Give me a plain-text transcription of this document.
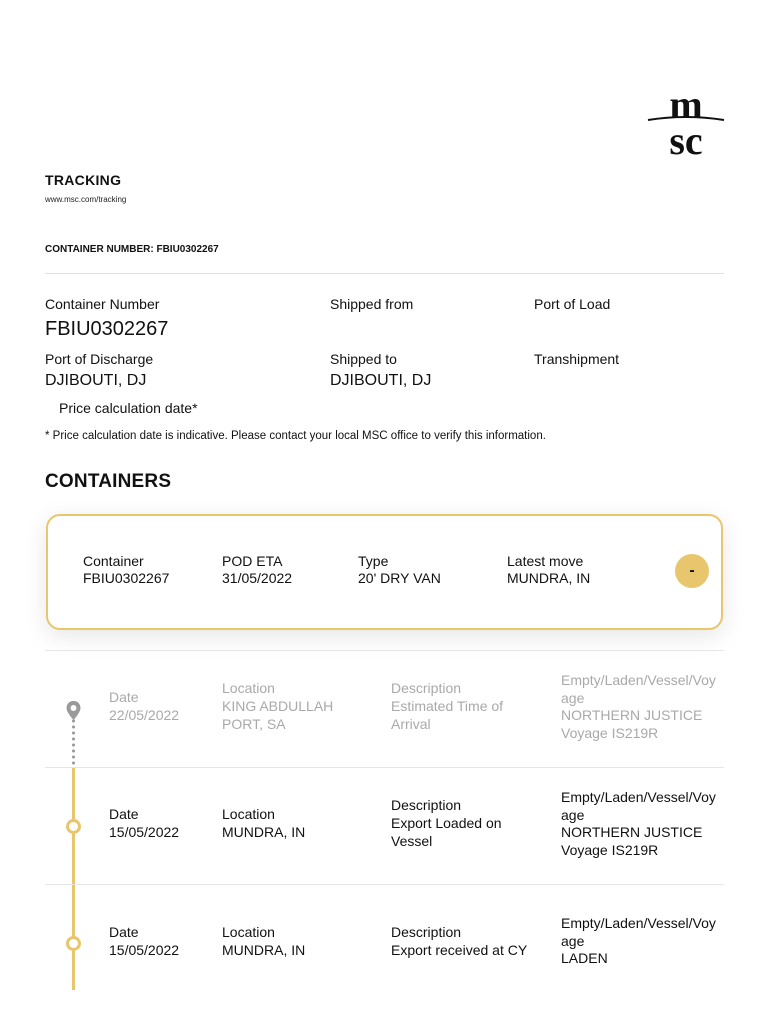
m
sc
TRACKING
www.msc.com/tracking
CONTAINER NUMBER: FBIU0302267
Container Number
FBIU0302267
Shipped from	Port of Load
Port of Discharge
DJIBOUTI, DJ
Shipped to
DJIBOUTI, DJ
Transhipment
Price calculation date*
* Price calculation date is indicative. Please contact your local MSC office to verify this information.
CONTAINERS
Container
FBIU0302267
POD ETA
31/05/2022
Type
20' DRY VAN
Latest move
MUNDRA, IN	-
Date
22/05/2022
Location
KING ABDULLAH PORT, SA
Description
Estimated Time of Arrival
Empty/Laden/Vessel/Voyage
NORTHERN JUSTICE
Voyage IS219R
Date
15/05/2022
Location
MUNDRA, IN
Description
Export Loaded on Vessel
Empty/Laden/Vessel/Voyage
NORTHERN JUSTICE
Voyage IS219R
Date
15/05/2022
Location
MUNDRA, IN
Description
Export received at CY
Empty/Laden/Vessel/Voyage
LADEN
